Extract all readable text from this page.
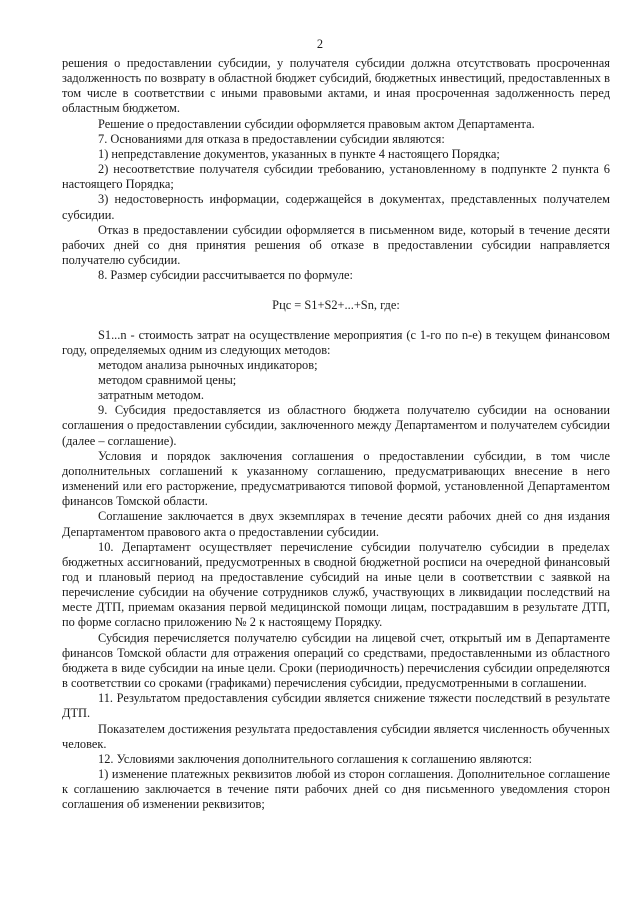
2

решения о предоставлении субсидии, у получателя субсидии должна отсутствовать просроченная задолженность по возврату в областной бюджет субсидий, бюджетных инвестиций, предоставленных в том числе в соответствии с иными правовыми актами, и иная просроченная задолженность перед областным бюджетом.

Решение о предоставлении субсидии оформляется правовым актом Департамента.

7. Основаниями для отказа в предоставлении субсидии являются:

1) непредставление документов, указанных в пункте 4 настоящего Порядка;

2) несоответствие получателя субсидии требованию, установленному в подпункте 2 пункта 6 настоящего Порядка;

3) недостоверность информации, содержащейся в документах, представленных получателем субсидии.

Отказ в предоставлении субсидии оформляется в письменном виде, который в течение десяти рабочих дней со дня принятия решения об отказе в предоставлении субсидии направляется получателю субсидии.

8. Размер субсидии рассчитывается по формуле:

Рцс = S1+S2+...+Sn, где:

S1...n - стоимость затрат на осуществление мероприятия (с 1-го по n-е) в текущем финансовом году, определяемых одним из следующих методов:

методом анализа рыночных индикаторов;

методом сравнимой цены;

затратным методом.

9. Субсидия предоставляется из областного бюджета получателю субсидии на основании соглашения о предоставлении субсидии, заключенного между Департаментом и получателем субсидии (далее – соглашение).

Условия и порядок заключения соглашения о предоставлении субсидии, в том числе дополнительных соглашений к указанному соглашению, предусматривающих внесение в него изменений или его расторжение, предусматриваются типовой формой, установленной Департаментом финансов Томской области.

Соглашение заключается в двух экземплярах в течение десяти рабочих дней со дня издания Департаментом правового акта о предоставлении субсидии.

10. Департамент осуществляет перечисление субсидии получателю субсидии в пределах бюджетных ассигнований, предусмотренных в сводной бюджетной росписи на очередной финансовый год и плановый период на предоставление субсидий на иные цели в соответствии с заявкой на перечисление субсидии на обучение сотрудников служб, участвующих в ликвидации последствий на месте ДТП, приемам оказания первой медицинской помощи лицам, пострадавшим в результате ДТП, по форме согласно приложению № 2 к настоящему Порядку.

Субсидия перечисляется получателю субсидии на лицевой счет, открытый им в Департаменте финансов Томской области для отражения операций со средствами, предоставленными из областного бюджета в виде субсидии на иные цели. Сроки (периодичность) перечисления субсидии определяются в соответствии со сроками (графиками) перечисления субсидии, предусмотренными в соглашении.

11. Результатом предоставления субсидии является снижение тяжести последствий в результате ДТП.

Показателем достижения результата предоставления субсидии является численность обученных человек.

12. Условиями заключения дополнительного соглашения к соглашению являются:

1) изменение платежных реквизитов любой из сторон соглашения. Дополнительное соглашение к соглашению заключается в течение пяти рабочих дней со дня письменного уведомления сторон соглашения об изменении реквизитов;
